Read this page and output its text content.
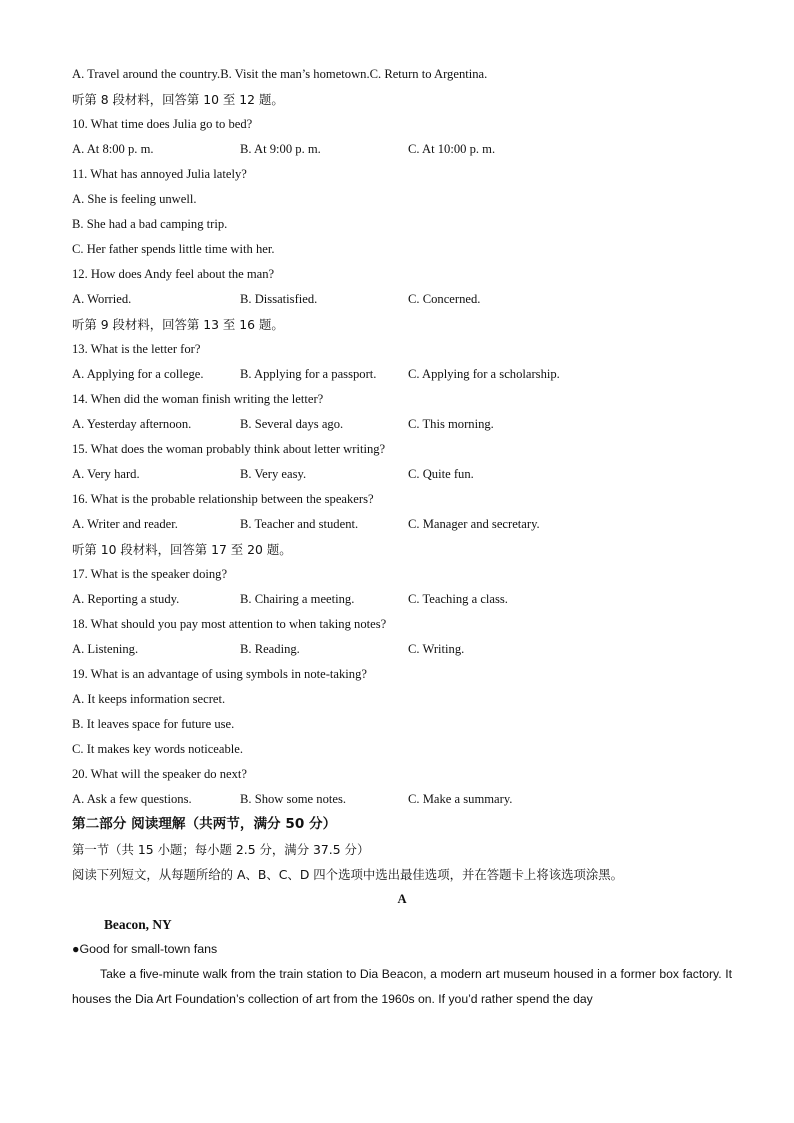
A. Travel around the country. B. Visit the man’s hometown. C. Return to Argentina.
听第 8 段材料，回答第 10 至 12 题。
10. What time does Julia go to bed?
A. At 8:00 p. m.	B. At 9:00 p. m.	C. At 10:00 p. m.
11. What has annoyed Julia lately?
A. She is feeling unwell.
B. She had a bad camping trip.
C. Her father spends little time with her.
12. How does Andy feel about the man?
A. Worried.	B. Dissatisfied.	C. Concerned.
听第 9 段材料，回答第 13 至 16 题。
13. What is the letter for?
A. Applying for a college.	B. Applying for a passport.	C. Applying for a scholarship.
14. When did the woman finish writing the letter?
A. Yesterday afternoon.	B. Several days ago.	C. This morning.
15. What does the woman probably think about letter writing?
A. Very hard.	B. Very easy.	C. Quite fun.
16. What is the probable relationship between the speakers?
A. Writer and reader.	B. Teacher and student.	C. Manager and secretary.
听第 10 段材料，回答第 17 至 20 题。
17. What is the speaker doing?
A. Reporting a study.	B. Chairing a meeting.	C. Teaching a class.
18. What should you pay most attention to when taking notes?
A. Listening.	B. Reading.	C. Writing.
19. What is an advantage of using symbols in note-taking?
A. It keeps information secret.
B. It leaves space for future use.
C. It makes key words noticeable.
20. What will the speaker do next?
A. Ask a few questions.	B. Show some notes.	C. Make a summary.
第二部分 阅读理解（共两节，满分 50 分）
第一节（共 15 小题；每小题 2.5 分，满分 37.5 分）
阅读下列短文，从每题所给的 A、B、C、D 四个选项中选出最佳选项，并在答题卡上将该选项涂黑。
A
Beacon, NY
●Good for small-town fans
Take a five-minute walk from the train station to Dia Beacon, a modern art museum housed in a former box factory. It houses the Dia Art Foundation’s collection of art from the 1960s on. If you’d rather spend the day
